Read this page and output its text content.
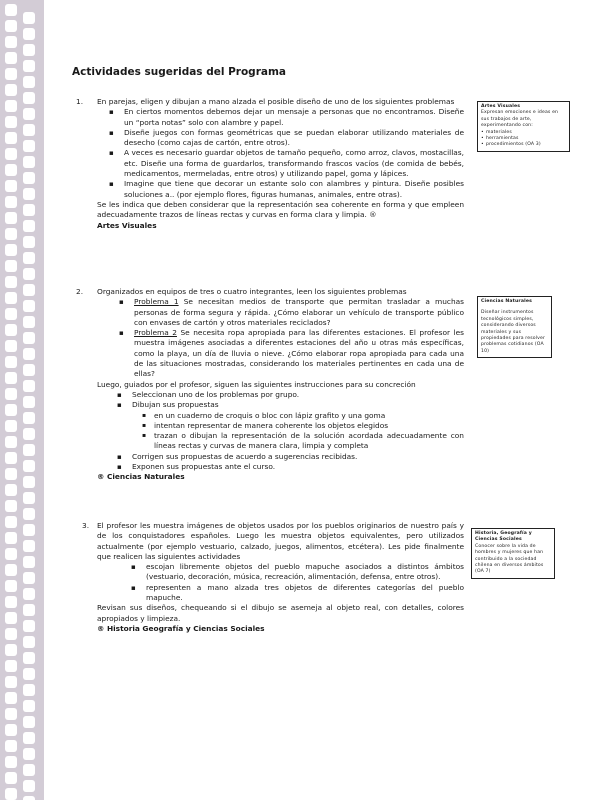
Actividades sugeridas del Programa
1. En parejas, eligen y dibujan a mano alzada el posible diseño de uno de los siguientes problemas
▪ En ciertos momentos debemos dejar un mensaje a personas que no encontramos. Diseñe un “porta notas” solo con alambre y papel.
▪ Diseñe juegos con formas geométricas que se puedan elaborar utilizando materiales de desecho (como cajas de cartón, entre otros).
▪ A veces es necesario guardar objetos de tamaño pequeño, como arroz, clavos, mostacillas, etc. Diseñe una forma de guardarlos, transformando frascos vacíos (de comida de bebés, medicamentos, mermeladas, entre otros) y utilizando papel, goma y lápices.
▪ Imagine que tiene que decorar un estante solo con alambres y pintura. Diseñe posibles soluciones a.. (por ejemplo flores, figuras humanas, animales, entre otras).
Se les indica que deben considerar que la representación sea coherente en forma y que empleen adecuadamente trazos de líneas rectas y curvas en forma clara y limpia. ®
Artes Visuales
2. Organizados en equipos de tres o cuatro integrantes, leen los siguientes problemas
▪ Problema 1 Se necesitan medios de transporte que permitan trasladar a muchas personas de forma segura y rápida. ¿Cómo elaborar un vehículo de transporte público con envases de cartón y otros materiales reciclados?
▪ Problema 2 Se necesita ropa apropiada para las diferentes estaciones. El profesor les muestra imágenes asociadas a diferentes estaciones del año u otras más específicas, como la playa, un día de lluvia o nieve. ¿Cómo elaborar ropa apropiada para cada una de las situaciones mostradas, considerando los materiales pertinentes en cada una de ellas?
Luego, guiados por el profesor, siguen las siguientes instrucciones para su concreción
▪ Seleccionan uno de los problemas por grupo.
▪ Dibujan sus propuestas
▪ en un cuaderno de croquis o bloc con lápiz grafito y una goma
▪ intentan representar de manera coherente los objetos elegidos
▪ trazan o dibujan la representación de la solución acordada adecuadamente con líneas rectas y curvas de manera clara, limpia y completa
▪ Corrigen sus propuestas de acuerdo a sugerencias recibidas.
▪ Exponen sus propuestas ante el curso.
® Ciencias Naturales
3. El profesor les muestra imágenes de objetos usados por los pueblos originarios de nuestro país y de los conquistadores españoles. Luego les muestra objetos equivalentes, pero utilizados actualmente (por ejemplo vestuario, calzado, juegos, alimentos, etcétera). Les pide finalmente que realicen las siguientes actividades
▪ escojan libremente objetos del pueblo mapuche asociados a distintos ámbitos (vestuario, decoración, música, recreación, alimentación, defensa, entre otros).
▪ representen a mano alzada tres objetos de diferentes categorías del pueblo mapuche.
Revisan sus diseños, chequeando si el dibujo se asemeja al objeto real, con detalles, colores apropiados y limpieza.
® Historia Geografía y Ciencias Sociales
Artes Visuales
Expresan emociones e ideas en sus trabajos de arte, experimentando con:
• materiales
• herramientas
• procedimientos (OA 3)
Ciencias Naturales
Diseñar instrumentos tecnológicos simples, considerando diversos materiales y sus propiedades para resolver problemas cotidianos (OA 10)
Historia, Geografía y Ciencias Sociales
Conocer sobre la vida de hombres y mujeres que han contribuido a la sociedad chilena en diversos ámbitos (OA 7)
